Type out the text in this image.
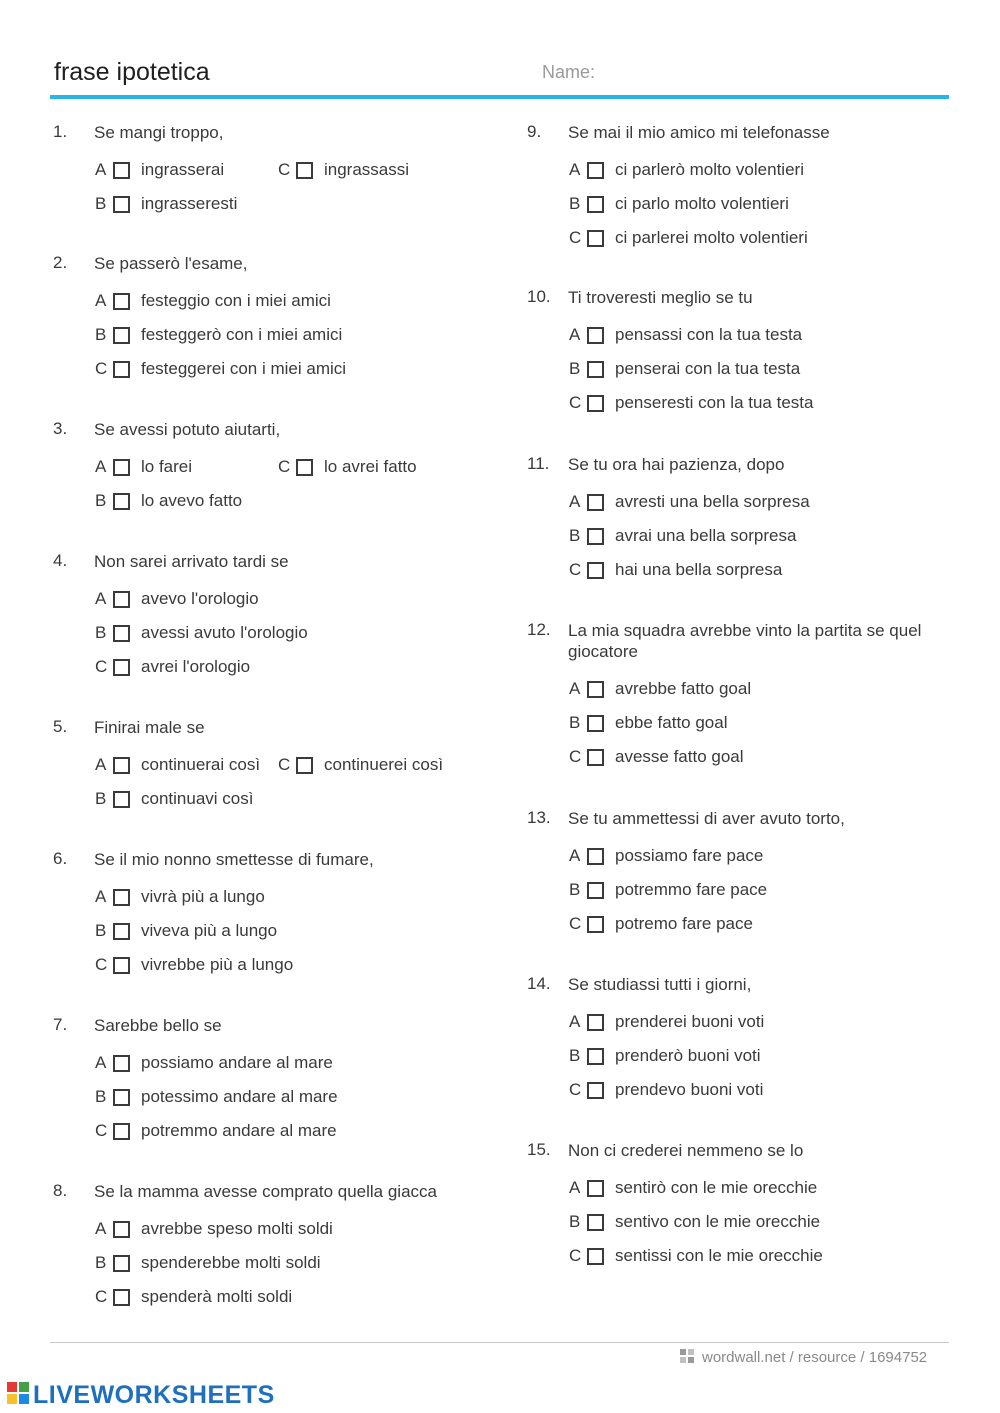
frase ipotetica	Name:
1. Se mangi troppo,
A ingrasserai
B ingrasseresti
C ingrassassi
2. Se passerò l'esame,
A festeggio con i miei amici
B festeggerò con i miei amici
C festeggerei con i miei amici
3. Se avessi potuto aiutarti,
A lo farei
B lo avevo fatto
C lo avrei fatto
4. Non sarei arrivato tardi se
A avevo l'orologio
B avessi avuto l'orologio
C avrei l'orologio
5. Finirai male se
A continuerai così
B continuavi così
C continuerei così
6. Se il mio nonno smettesse di fumare,
A vivrà più a lungo
B viveva più a lungo
C vivrebbe più a lungo
7. Sarebbe bello se
A possiamo andare al mare
B potessimo andare al mare
C potremmo andare al mare
8. Se la mamma avesse comprato quella giacca
A avrebbe speso molti soldi
B spenderebbe molti soldi
C spenderà molti soldi
9. Se mai il mio amico mi telefonasse
A ci parlerò molto volentieri
B ci parlo molto volentieri
C ci parlerei molto volentieri
10. Ti troveresti meglio se tu
A pensassi con la tua testa
B penserai con la tua testa
C penseresti con la tua testa
11. Se tu ora hai pazienza, dopo
A avresti una bella sorpresa
B avrai una bella sorpresa
C hai una bella sorpresa
12. La mia squadra avrebbe vinto la partita se quel giocatore
A avrebbe fatto goal
B ebbe fatto goal
C avesse fatto goal
13. Se tu ammettessi di aver avuto torto,
A possiamo fare pace
B potremmo fare pace
C potremo fare pace
14. Se studiassi tutti i giorni,
A prenderei buoni voti
B prenderò buoni voti
C prendevo buoni voti
15. Non ci crederei nemmeno se lo
A sentirò con le mie orecchie
B sentivo con le mie orecchie
C sentissi con le mie orecchie
wordwall.net / resource / 1694752
LIVEWORKSHEETS
